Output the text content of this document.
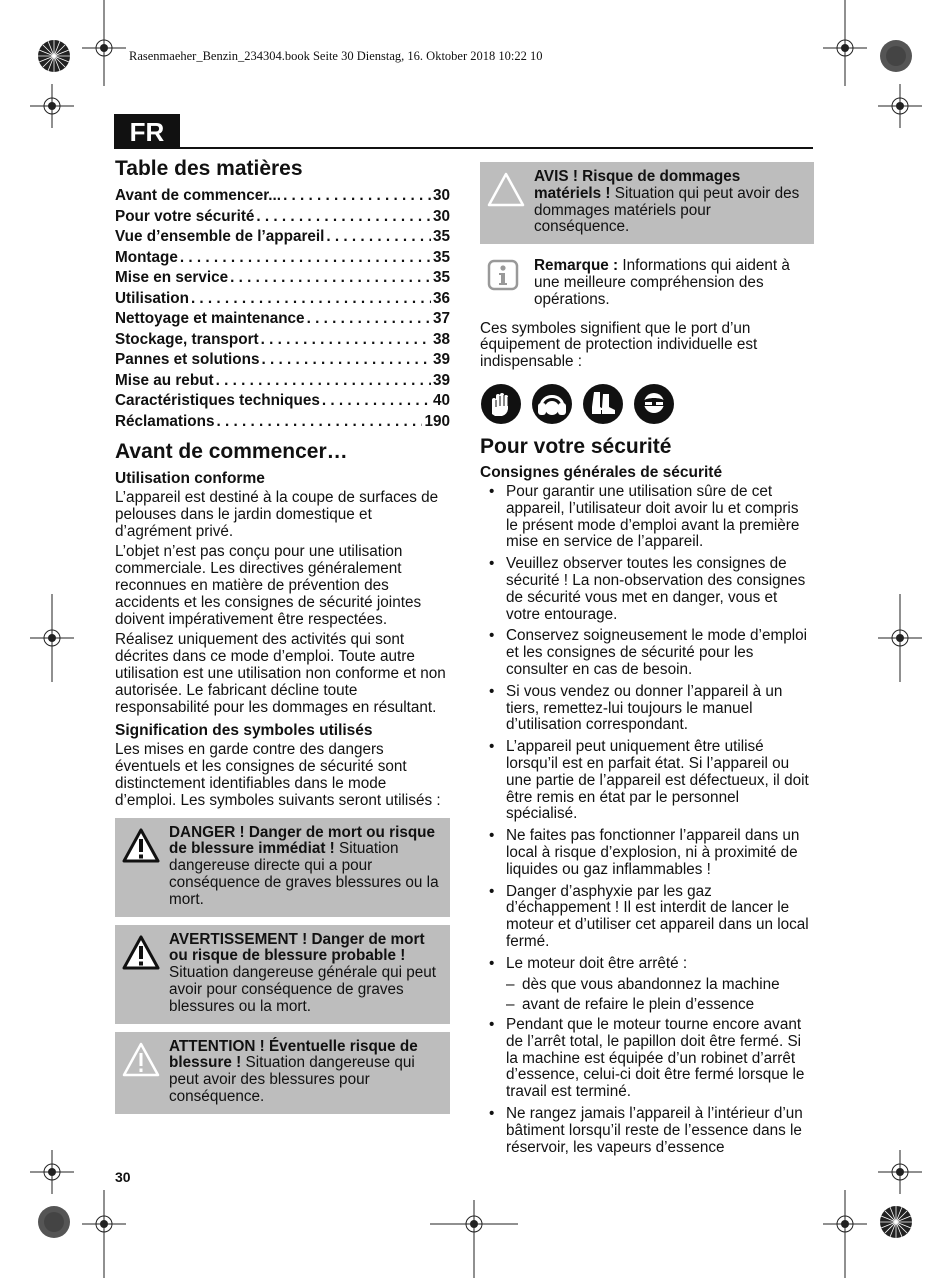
Rasenmaeher_Benzin_234304.book Seite 30 Dienstag, 16. Oktober 2018 10:22 10
FR
Table des matières
Avant de commencer... . . .	30
Pour votre sécurité . . .	30
Vue d’ensemble de l’appareil . . .	35
Montage . . .	35
Mise en service . . .	35
Utilisation . . .	36
Nettoyage et maintenance . . .	37
Stockage, transport . . .	38
Pannes et solutions . . .	39
Mise au rebut . . .	39
Caractéristiques techniques . . .	40
Réclamations . . .	190
Avant de commencer…
Utilisation conforme

L’appareil est destiné à la coupe de surfaces de pelouses dans le jardin domestique et d’agrément privé.

L’objet n’est pas conçu pour une utilisation commerciale. Les directives généralement reconnues en matière de prévention des accidents et les consignes de sécurité jointes doivent impérativement être respectées.

Réalisez uniquement des activités qui sont décrites dans ce mode d’emploi. Toute autre utilisation est une utilisation non conforme et non autorisée. Le fabricant décline toute responsabilité pour les dommages en résultant.

Signification des symboles utilisés

Les mises en garde contre des dangers éventuels et les consignes de sécurité sont distinctement identifiables dans le mode d’emploi. Les symboles suivants seront utilisés :

DANGER ! Danger de mort ou risque de blessure immédiat ! Situation dangereuse directe qui a pour conséquence de graves blessures ou la mort.
AVERTISSEMENT ! Danger de mort ou risque de blessure probable ! Situation dangereuse générale qui peut avoir pour conséquence de graves blessures ou la mort.
ATTENTION ! Éventuelle risque de blessure ! Situation dangereuse qui peut avoir des blessures pour conséquence.
AVIS ! Risque de dommages matériels ! Situation qui peut avoir des dommages matériels pour conséquence.
Remarque : Informations qui aident à une meilleure compréhension des opérations.

Ces symboles signifient que le port d’un équipement de protection individuelle est indispensable :

Pour votre sécurité
Consignes générales de sécurité
• Pour garantir une utilisation sûre de cet appareil, l’utilisateur doit avoir lu et compris le présent mode d’emploi avant la première mise en service de l’appareil.
• Veuillez observer toutes les consignes de sécurité ! La non-observation des consignes de sécurité vous met en danger, vous et votre entourage.
• Conservez soigneusement le mode d’emploi et les consignes de sécurité pour les consulter en cas de besoin.
• Si vous vendez ou donner l’appareil à un tiers, remettez-lui toujours le manuel d’utilisation correspondant.
• L’appareil peut uniquement être utilisé lorsqu’il est en parfait état. Si l’appareil ou une partie de l’appareil est défectueux, il doit être remis en état par le personnel spécialisé.
• Ne faites pas fonctionner l’appareil dans un local à risque d’explosion, ni à proximité de liquides ou gaz inflammables !
• Danger d’asphyxie par les gaz d’échappement ! Il est interdit de lancer le moteur et d’utiliser cet appareil dans un local fermé.
• Le moteur doit être arrêté :
– dès que vous abandonnez la machine
– avant de refaire le plein d’essence
• Pendant que le moteur tourne encore avant de l’arrêt total, le papillon doit être fermé. Si la machine est équipée d’un robinet d’arrêt d’essence, celui-ci doit être fermé lorsque le travail est terminé.
• Ne rangez jamais l’appareil à l’intérieur d’un bâtiment lorsqu’il reste de l’essence dans le réservoir, les vapeurs d’essence
30
